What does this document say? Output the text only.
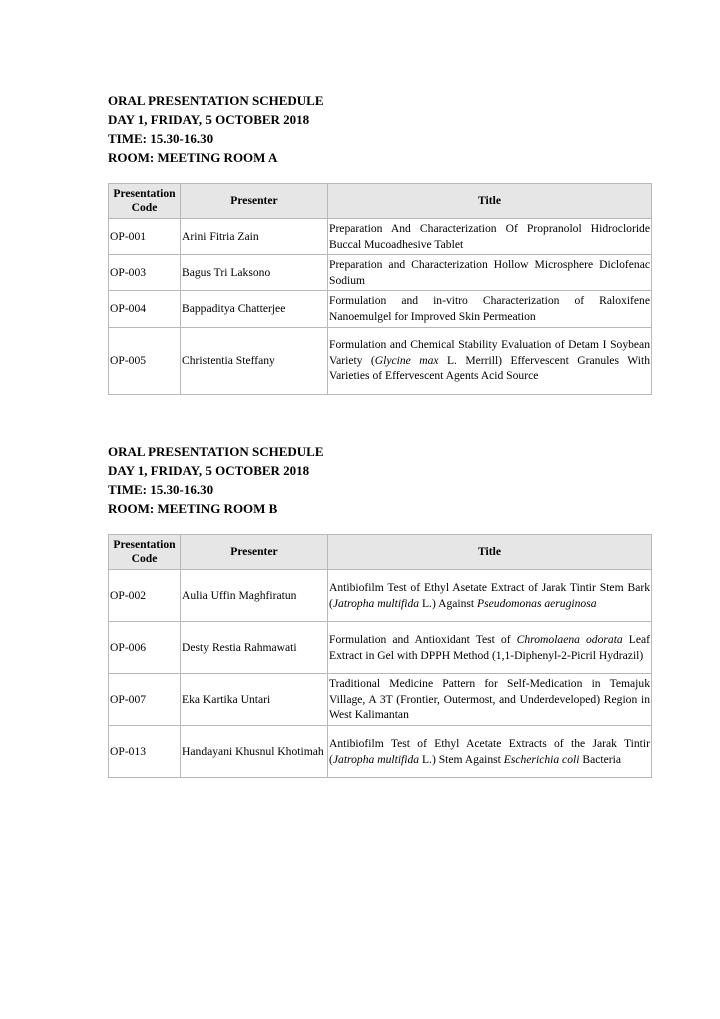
ORAL PRESENTATION SCHEDULE
DAY 1, FRIDAY, 5 OCTOBER 2018
TIME: 15.30-16.30
ROOM: MEETING ROOM A
Presentation Code	Presenter	Title
OP-001	Arini Fitria Zain	Preparation And Characterization Of Propranolol Hidrocloride Buccal Mucoadhesive Tablet
OP-003	Bagus Tri Laksono	Preparation and Characterization Hollow Microsphere Diclofenac Sodium
OP-004	Bappaditya Chatterjee	Formulation and in-vitro Characterization of Raloxifene Nanoemulgel for Improved Skin Permeation
OP-005	Christentia Steffany	Formulation and Chemical Stability Evaluation of Detam I Soybean Variety (Glycine max L. Merrill) Effervescent Granules With Varieties of Effervescent Agents Acid Source
ORAL PRESENTATION SCHEDULE
DAY 1, FRIDAY, 5 OCTOBER 2018
TIME: 15.30-16.30
ROOM: MEETING ROOM B
Presentation Code	Presenter	Title
OP-002	Aulia Uffin Maghfiratun	Antibiofilm Test of Ethyl Asetate Extract of Jarak Tintir Stem Bark (Jatropha multifida L.) Against Pseudomonas aeruginosa
OP-006	Desty Restia Rahmawati	Formulation and Antioxidant Test of Chromolaena odorata Leaf Extract in Gel with DPPH Method (1,1-Diphenyl-2-Picril Hydrazil)
OP-007	Eka Kartika Untari	Traditional Medicine Pattern for Self-Medication in Temajuk Village, A 3T (Frontier, Outermost, and Underdeveloped) Region in West Kalimantan
OP-013	Handayani Khusnul Khotimah	Antibiofilm Test of Ethyl Acetate Extracts of the Jarak Tintir (Jatropha multifida L.) Stem Against Escherichia coli Bacteria
